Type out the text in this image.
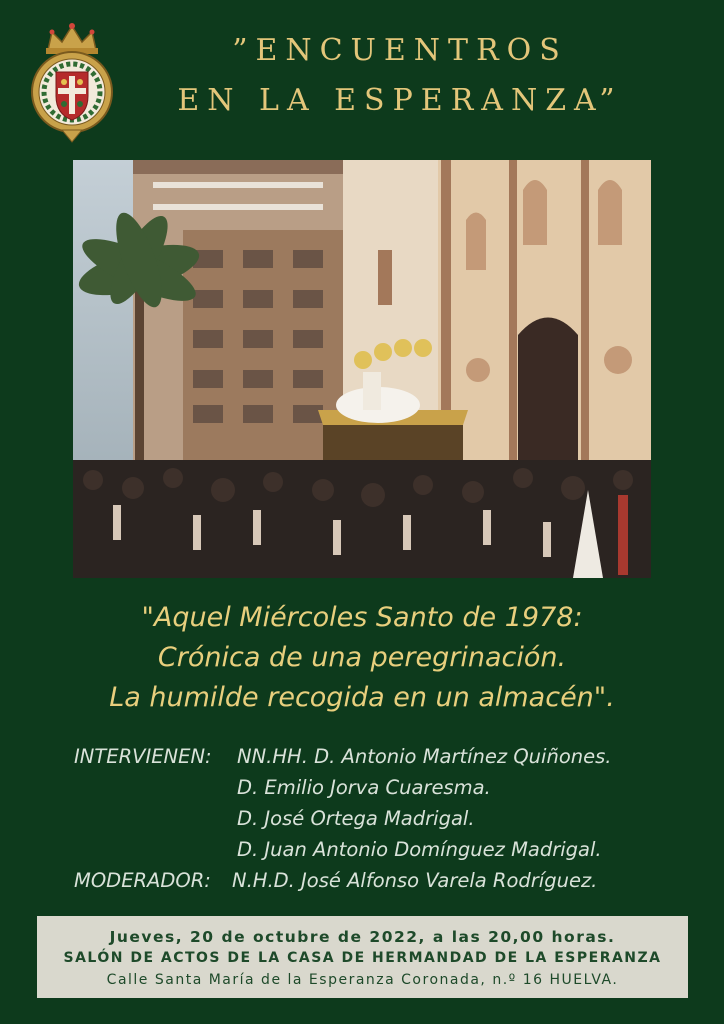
”ENCUENTROS
EN LA ESPERANZA”
"Aquel Miércoles Santo de 1978:
Crónica de una peregrinación.
La humilde recogida en un almacén".
INTERVIENEN: NN.HH. D. Antonio Martínez Quiñones.
D. Emilio Jorva Cuaresma.
D. José Ortega Madrigal.
D. Juan Antonio Domínguez Madrigal.
MODERADOR: N.H.D. José Alfonso Varela Rodríguez.
Jueves, 20 de octubre de 2022, a las 20,00 horas.
SALÓN DE ACTOS DE LA CASA DE HERMANDAD DE LA ESPERANZA
Calle Santa María de la Esperanza Coronada, n.º 16 HUELVA.
